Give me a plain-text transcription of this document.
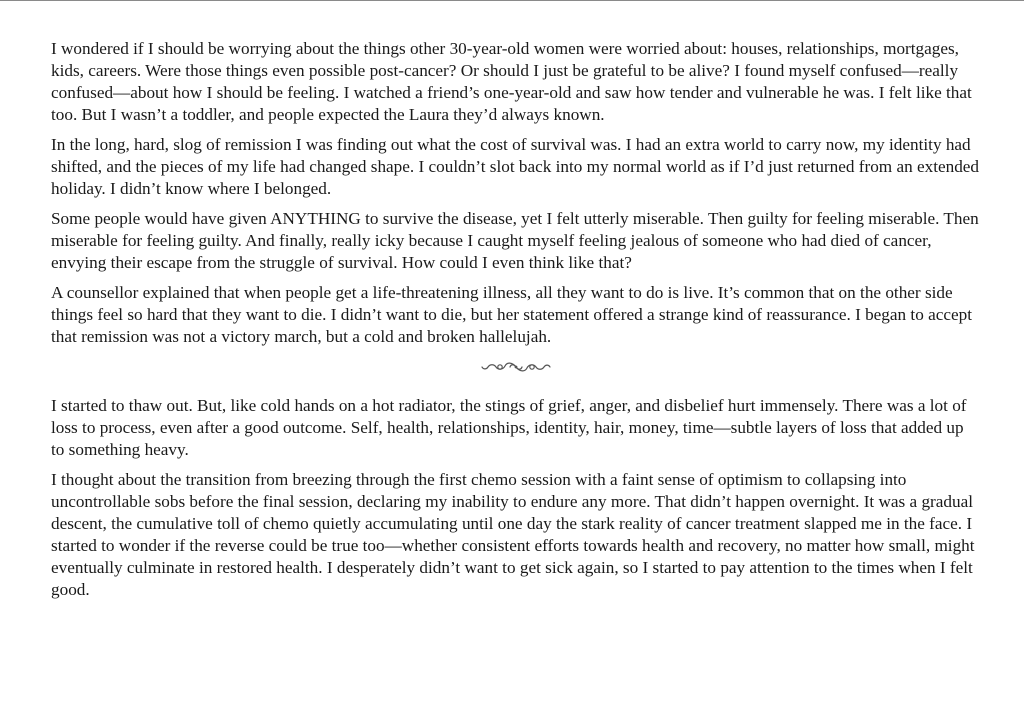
I wondered if I should be worrying about the things other 30-year-old women were worried about: houses, relationships, mortgages, kids, careers. Were those things even possible post-cancer? Or should I just be grateful to be alive? I found myself confused—really confused—about how I should be feeling. I watched a friend’s one-year-old and saw how tender and vulnerable he was. I felt like that too. But I wasn’t a toddler, and people expected the Laura they’d always known.

In the long, hard, slog of remission I was finding out what the cost of survival was. I had an extra world to carry now, my identity had shifted, and the pieces of my life had changed shape. I couldn’t slot back into my normal world as if I’d just returned from an extended holiday. I didn’t know where I belonged.

Some people would have given ANYTHING to survive the disease, yet I felt utterly miserable. Then guilty for feeling miserable. Then miserable for feeling guilty. And finally, really icky because I caught myself feeling jealous of someone who had died of cancer, envying their escape from the struggle of survival. How could I even think like that?

A counsellor explained that when people get a life-threatening illness, all they want to do is live. It’s common that on the other side things feel so hard that they want to die. I didn’t want to die, but her statement offered a strange kind of reassurance. I began to accept that remission was not a victory march, but a cold and broken hallelujah.

I started to thaw out. But, like cold hands on a hot radiator, the stings of grief, anger, and disbelief hurt immensely. There was a lot of loss to process, even after a good outcome. Self, health, relationships, identity, hair, money, time—subtle layers of loss that added up to something heavy.

I thought about the transition from breezing through the first chemo session with a faint sense of optimism to collapsing into uncontrollable sobs before the final session, declaring my inability to endure any more. That didn’t happen overnight. It was a gradual descent, the cumulative toll of chemo quietly accumulating until one day the stark reality of cancer treatment slapped me in the face. I started to wonder if the reverse could be true too—whether consistent efforts towards health and recovery, no matter how small, might eventually culminate in restored health. I desperately didn’t want to get sick again, so I started to pay attention to the times when I felt good.
